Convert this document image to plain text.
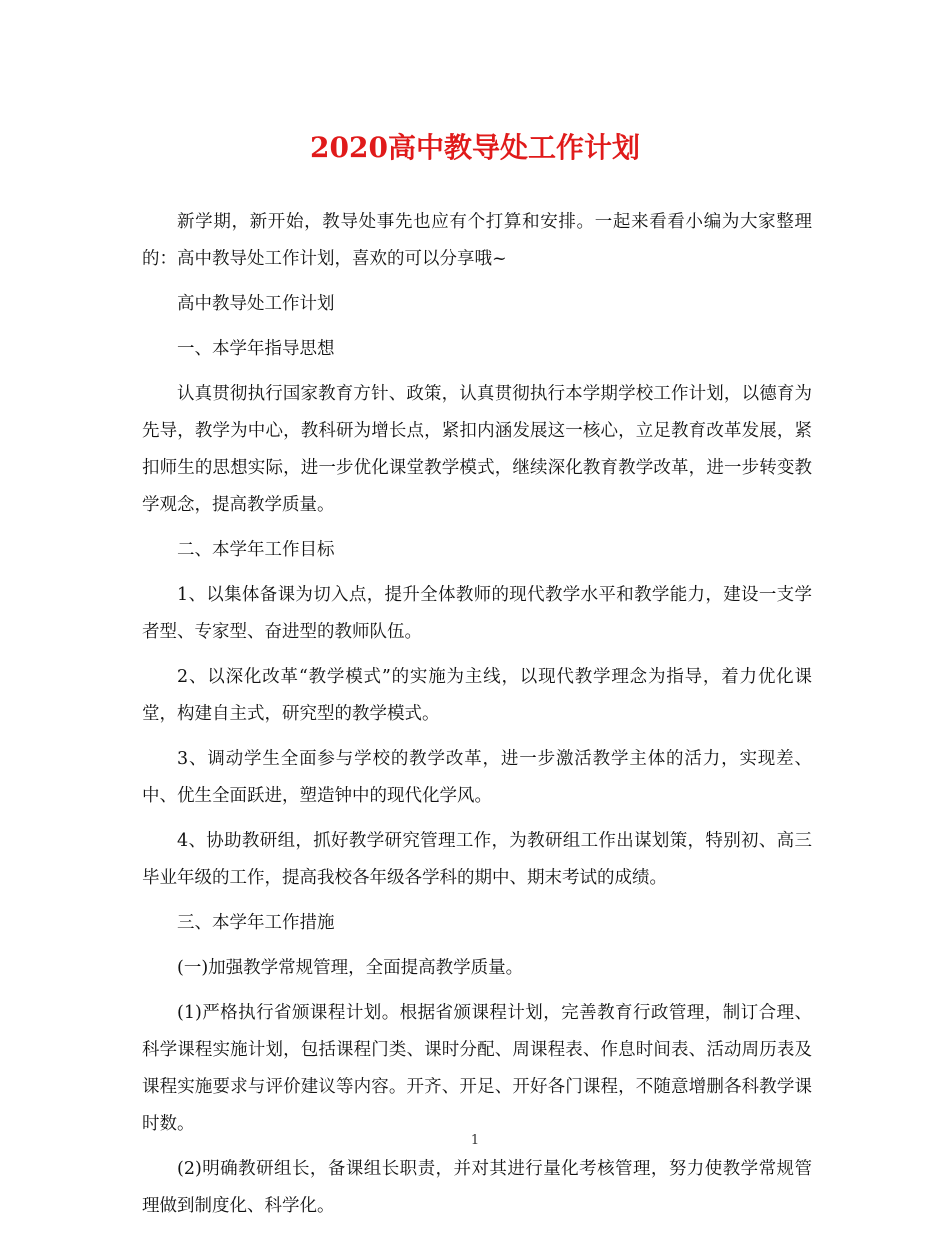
2020高中教导处工作计划

新学期，新开始，教导处事先也应有个打算和安排。一起来看看小编为大家整理的：高中教导处工作计划，喜欢的可以分享哦~

高中教导处工作计划

一、本学年指导思想

认真贯彻执行国家教育方针、政策，认真贯彻执行本学期学校工作计划，以德育为先导，教学为中心，教科研为增长点，紧扣内涵发展这一核心，立足教育改革发展，紧扣师生的思想实际，进一步优化课堂教学模式，继续深化教育教学改革，进一步转变教学观念，提高教学质量。

二、本学年工作目标

1、以集体备课为切入点，提升全体教师的现代教学水平和教学能力，建设一支学者型、专家型、奋进型的教师队伍。

2、以深化改革“教学模式”的实施为主线，以现代教学理念为指导，着力优化课堂，构建自主式，研究型的教学模式。

3、调动学生全面参与学校的教学改革，进一步激活教学主体的活力，实现差、中、优生全面跃进，塑造钟中的现代化学风。

4、协助教研组，抓好教学研究管理工作，为教研组工作出谋划策，特别初、高三毕业年级的工作，提高我校各年级各学科的期中、期末考试的成绩。

三、本学年工作措施

(一)加强教学常规管理，全面提高教学质量。

(1)严格执行省颁课程计划。根据省颁课程计划，完善教育行政管理，制订合理、科学课程实施计划，包括课程门类、课时分配、周课程表、作息时间表、活动周历表及课程实施要求与评价建议等内容。开齐、开足、开好各门课程，不随意增删各科教学课时数。

(2)明确教研组长，备课组长职责，并对其进行量化考核管理，努力使教学常规管理做到制度化、科学化。

1
